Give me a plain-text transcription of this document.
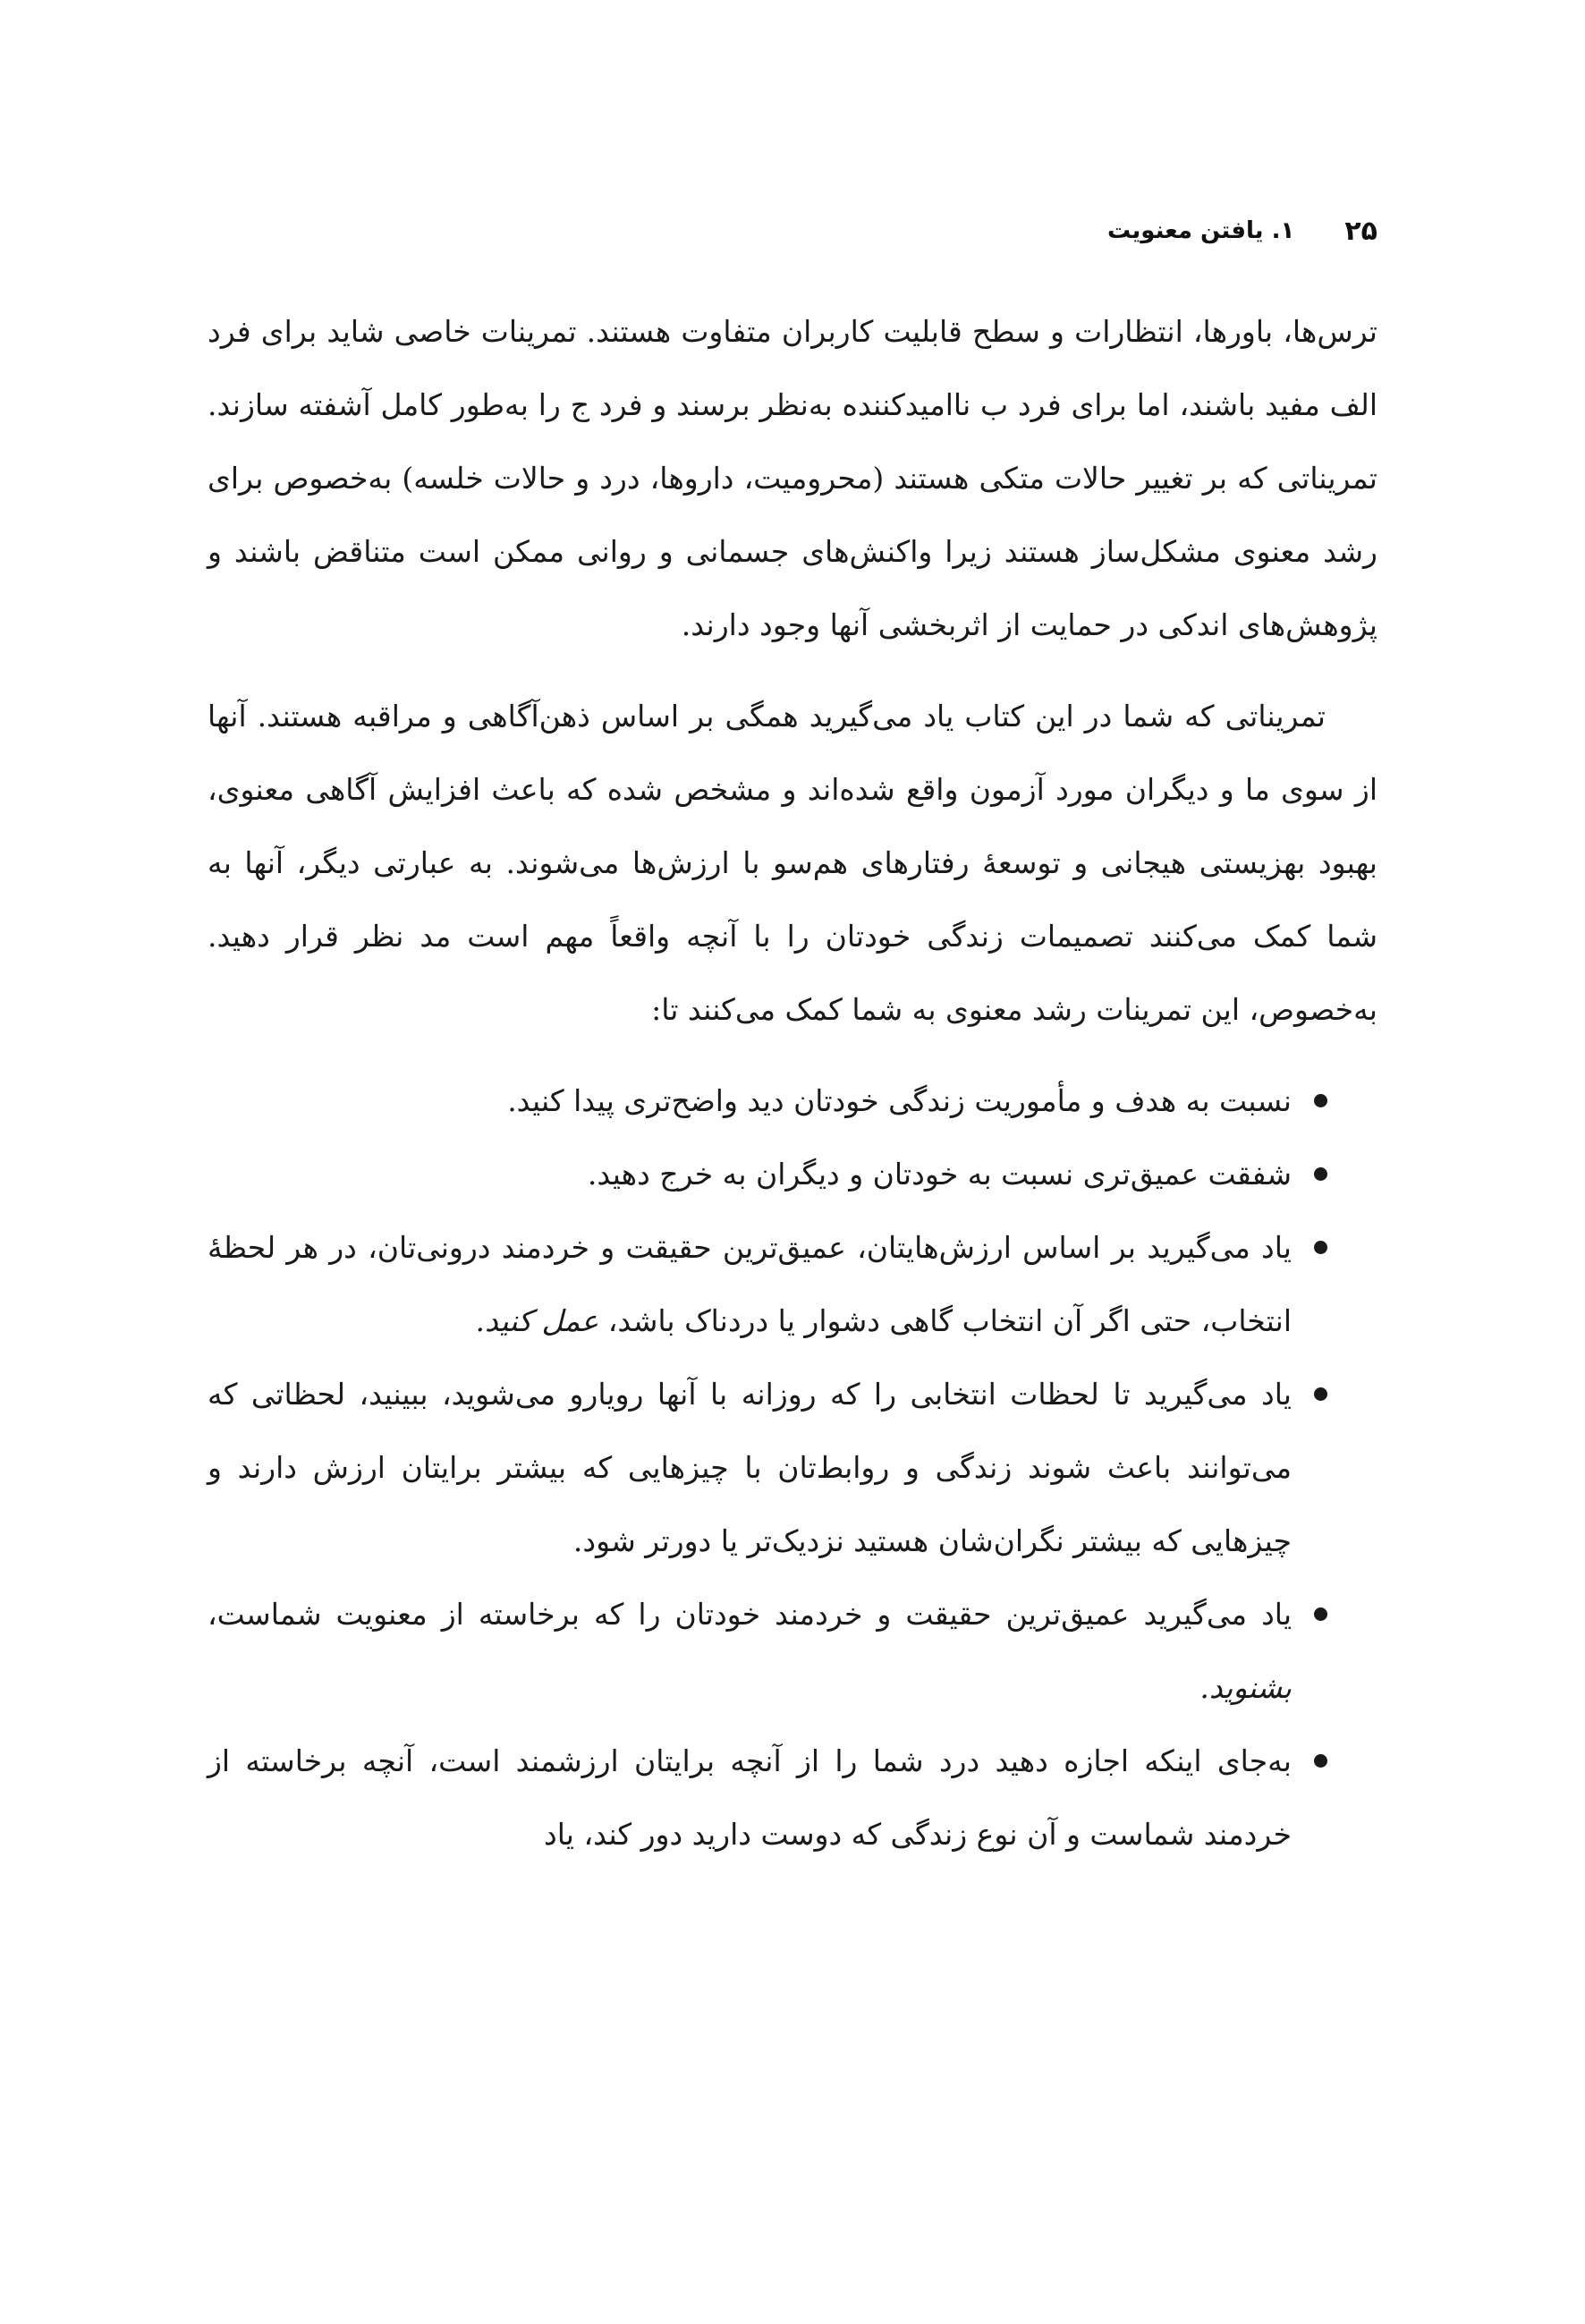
۲۵
۱. یافتن معنویت

ترس‌ها، باورها، انتظارات و سطح قابلیت کاربران متفاوت هستند. تمرینات خاصی شاید برای فرد الف مفید باشند، اما برای فرد ب ناامیدکننده به‌نظر برسند و فرد ج را به‌طور کامل آشفته سازند. تمریناتی که بر تغییر حالات متکی هستند (محرومیت، داروها، درد و حالات خلسه) به‌خصوص برای رشد معنوی مشکل‌ساز هستند زیرا واکنش‌های جسمانی و روانی ممکن است متناقض باشند و پژوهش‌های اندکی در حمایت از اثربخشی آنها وجود دارند.

تمریناتی که شما در این کتاب یاد می‌گیرید همگی بر اساس ذهن‌آگاهی و مراقبه هستند. آنها از سوی ما و دیگران مورد آزمون واقع شده‌اند و مشخص شده که باعث افزایش آگاهی معنوی، بهبود بهزیستی هیجانی و توسعهٔ رفتارهای هم‌سو با ارزش‌ها می‌شوند. به عبارتی دیگر، آنها به شما کمک می‌کنند تصمیمات زندگی خودتان را با آنچه واقعاً مهم است مد نظر قرار دهید. به‌خصوص، این تمرینات رشد معنوی به شما کمک می‌کنند تا:

نسبت به هدف و مأموریت زندگی خودتان دید واضح‌تری پیدا کنید.
شفقت عمیق‌تری نسبت به خودتان و دیگران به خرج دهید.
یاد می‌گیرید بر اساس ارزش‌هایتان، عمیق‌ترین حقیقت و خردمند درونی‌تان، در هر لحظهٔ انتخاب، حتی اگر آن انتخاب گاهی دشوار یا دردناک باشد، عمل کنید.
یاد می‌گیرید تا لحظات انتخابی را که روزانه با آنها رویارو می‌شوید، ببینید، لحظاتی که می‌توانند باعث شوند زندگی و روابط‌تان با چیزهایی که بیشتر برایتان ارزش دارند و چیزهایی که بیشتر نگران‌شان هستید نزدیک‌تر یا دورتر شود.
یاد می‌گیرید عمیق‌ترین حقیقت و خردمند خودتان را که برخاسته از معنویت شماست، بشنوید.
به‌جای اینکه اجازه دهید درد شما را از آنچه برایتان ارزشمند است، آنچه برخاسته از خردمند شماست و آن نوع زندگی که دوست دارید دور کند، یاد
